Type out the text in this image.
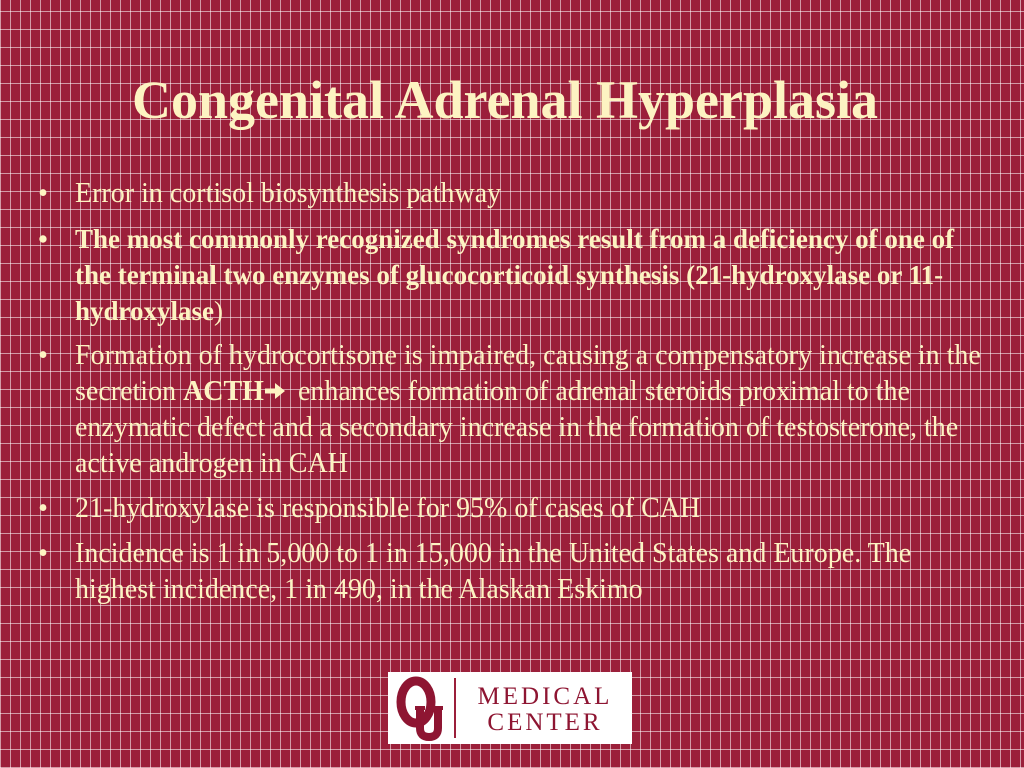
Congenital Adrenal Hyperplasia
• Error in cortisol biosynthesis pathway
•	The most commonly recognized syndromes result from a deficiency of one of the terminal two enzymes of glucocorticoid synthesis (21-hydroxylase or 11-hydroxylase)
• Formation of hydrocortisone is impaired, causing a compensatory increase in the secretion ACTH enhances formation of adrenal steroids proximal to the enzymatic defect and a secondary increase in the formation of testosterone, the active androgen in CAH
• 21-hydroxylase is responsible for 95% of cases of CAH
• Incidence is 1 in 5,000 to 1 in 15,000 in the United States and Europe. The highest incidence, 1 in 490, in the Alaskan Eskimo
MEDICAL
CENTER
